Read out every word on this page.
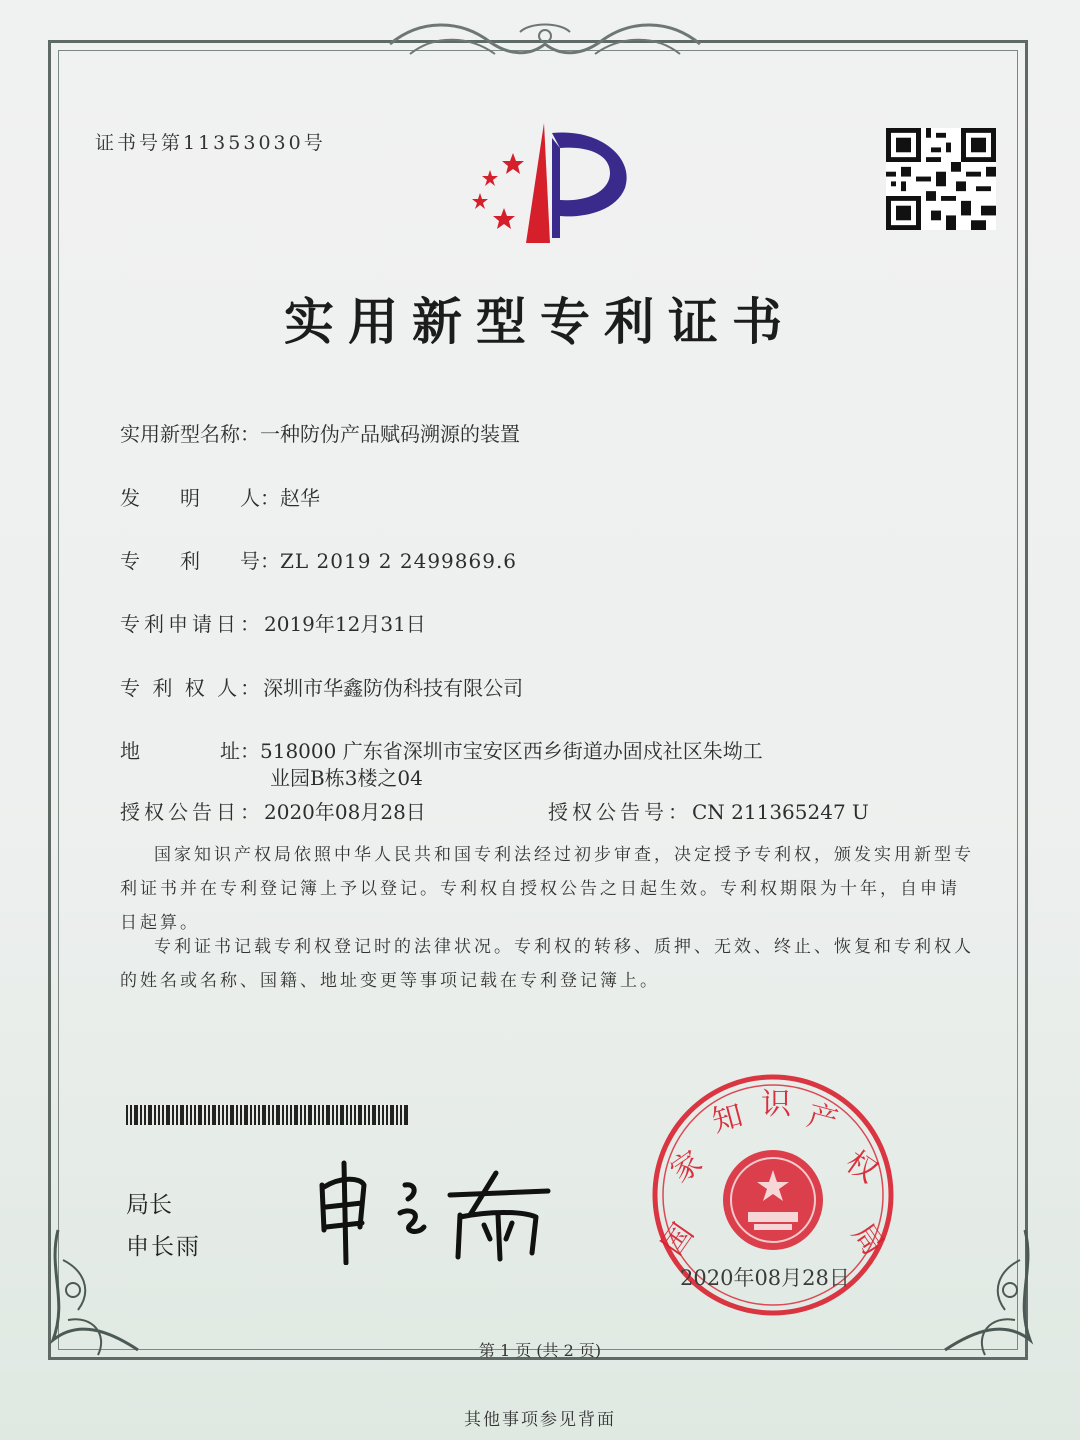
证书号第11353030号
实用新型专利证书
实用新型名称：一种防伪产品赋码溯源的装置
发　　明　　人：赵华
专　　利　　号：ZL 2019 2 2499869.6
专利申请日：2019年12月31日
专 利 权 人：深圳市华鑫防伪科技有限公司
地　　　　址：518000 广东省深圳市宝安区西乡街道办固戍社区朱坳工
业园B栋3楼之04
授权公告日：2020年08月28日	授权公告号：CN 211365247 U

国家知识产权局依照中华人民共和国专利法经过初步审查，决定授予专利权，颁发实用新型专利证书并在专利登记簿上予以登记。专利权自授权公告之日起生效。专利权期限为十年，自申请日起算。

专利证书记载专利权登记时的法律状况。专利权的转移、质押、无效、终止、恢复和专利权人的姓名或名称、国籍、地址变更等事项记载在专利登记簿上。

局长
申长雨	国
家
知 识 产
权
局
2020年08月28日
第 1 页 (共 2 页)
其他事项参见背面
